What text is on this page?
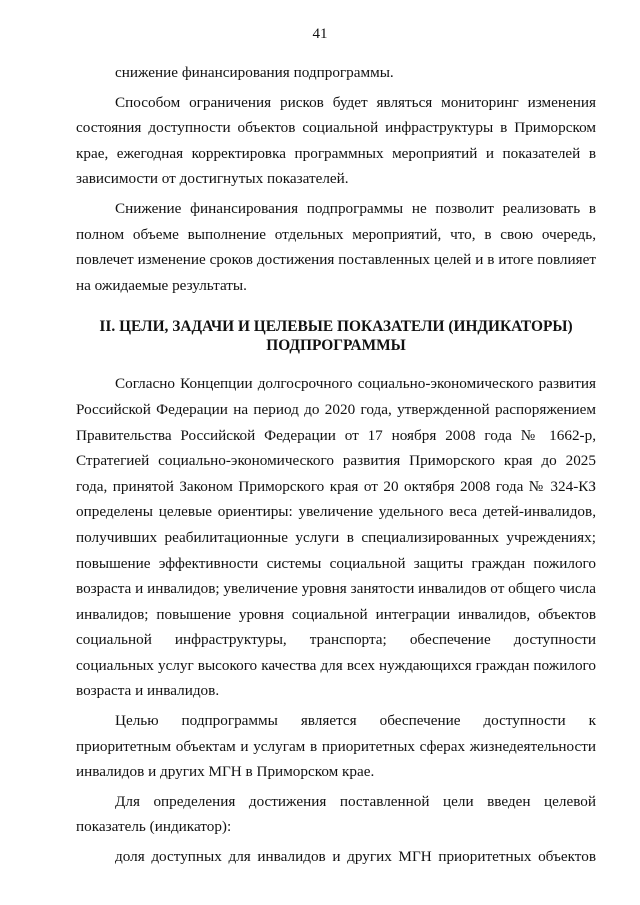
41

снижение финансирования подпрограммы.

Способом ограничения рисков будет являться мониторинг изменения состояния доступности объектов социальной инфраструктуры в Приморском крае, ежегодная корректировка программных мероприятий и показателей в зависимости от достигнутых показателей.

Снижение финансирования подпрограммы не позволит реализовать в полном объеме выполнение отдельных мероприятий, что, в свою очередь, повлечет изменение сроков достижения поставленных целей и в итоге повлияет на ожидаемые результаты.

II. ЦЕЛИ, ЗАДАЧИ И ЦЕЛЕВЫЕ ПОКАЗАТЕЛИ (ИНДИКАТОРЫ)
ПОДПРОГРАММЫ

Согласно Концепции долгосрочного социально-экономического развития Российской Федерации на период до 2020 года, утвержденной распоряжением Правительства Российской Федерации от 17 ноября 2008 года № 1662-р, Стратегией социально-экономического развития Приморского края до 2025 года, принятой Законом Приморского края от 20 октября 2008 года № 324-КЗ определены целевые ориентиры: увеличение удельного веса детей-инвалидов, получивших реабилитационные услуги в специализированных учреждениях; повышение эффективности системы социальной защиты граждан пожилого возраста и инвалидов; увеличение уровня занятости инвалидов от общего числа инвалидов; повышение уровня социальной интеграции инвалидов, объектов социальной инфраструктуры, транспорта; обеспечение доступности социальных услуг высокого качества для всех нуждающихся граждан пожилого возраста и инвалидов.

Целью подпрограммы является обеспечение доступности к приоритетным объектам и услугам в приоритетных сферах жизнедеятельности инвалидов и других МГН в Приморском крае.

Для определения достижения поставленной цели введен целевой показатель (индикатор):

доля доступных для инвалидов и других МГН приоритетных объектов
